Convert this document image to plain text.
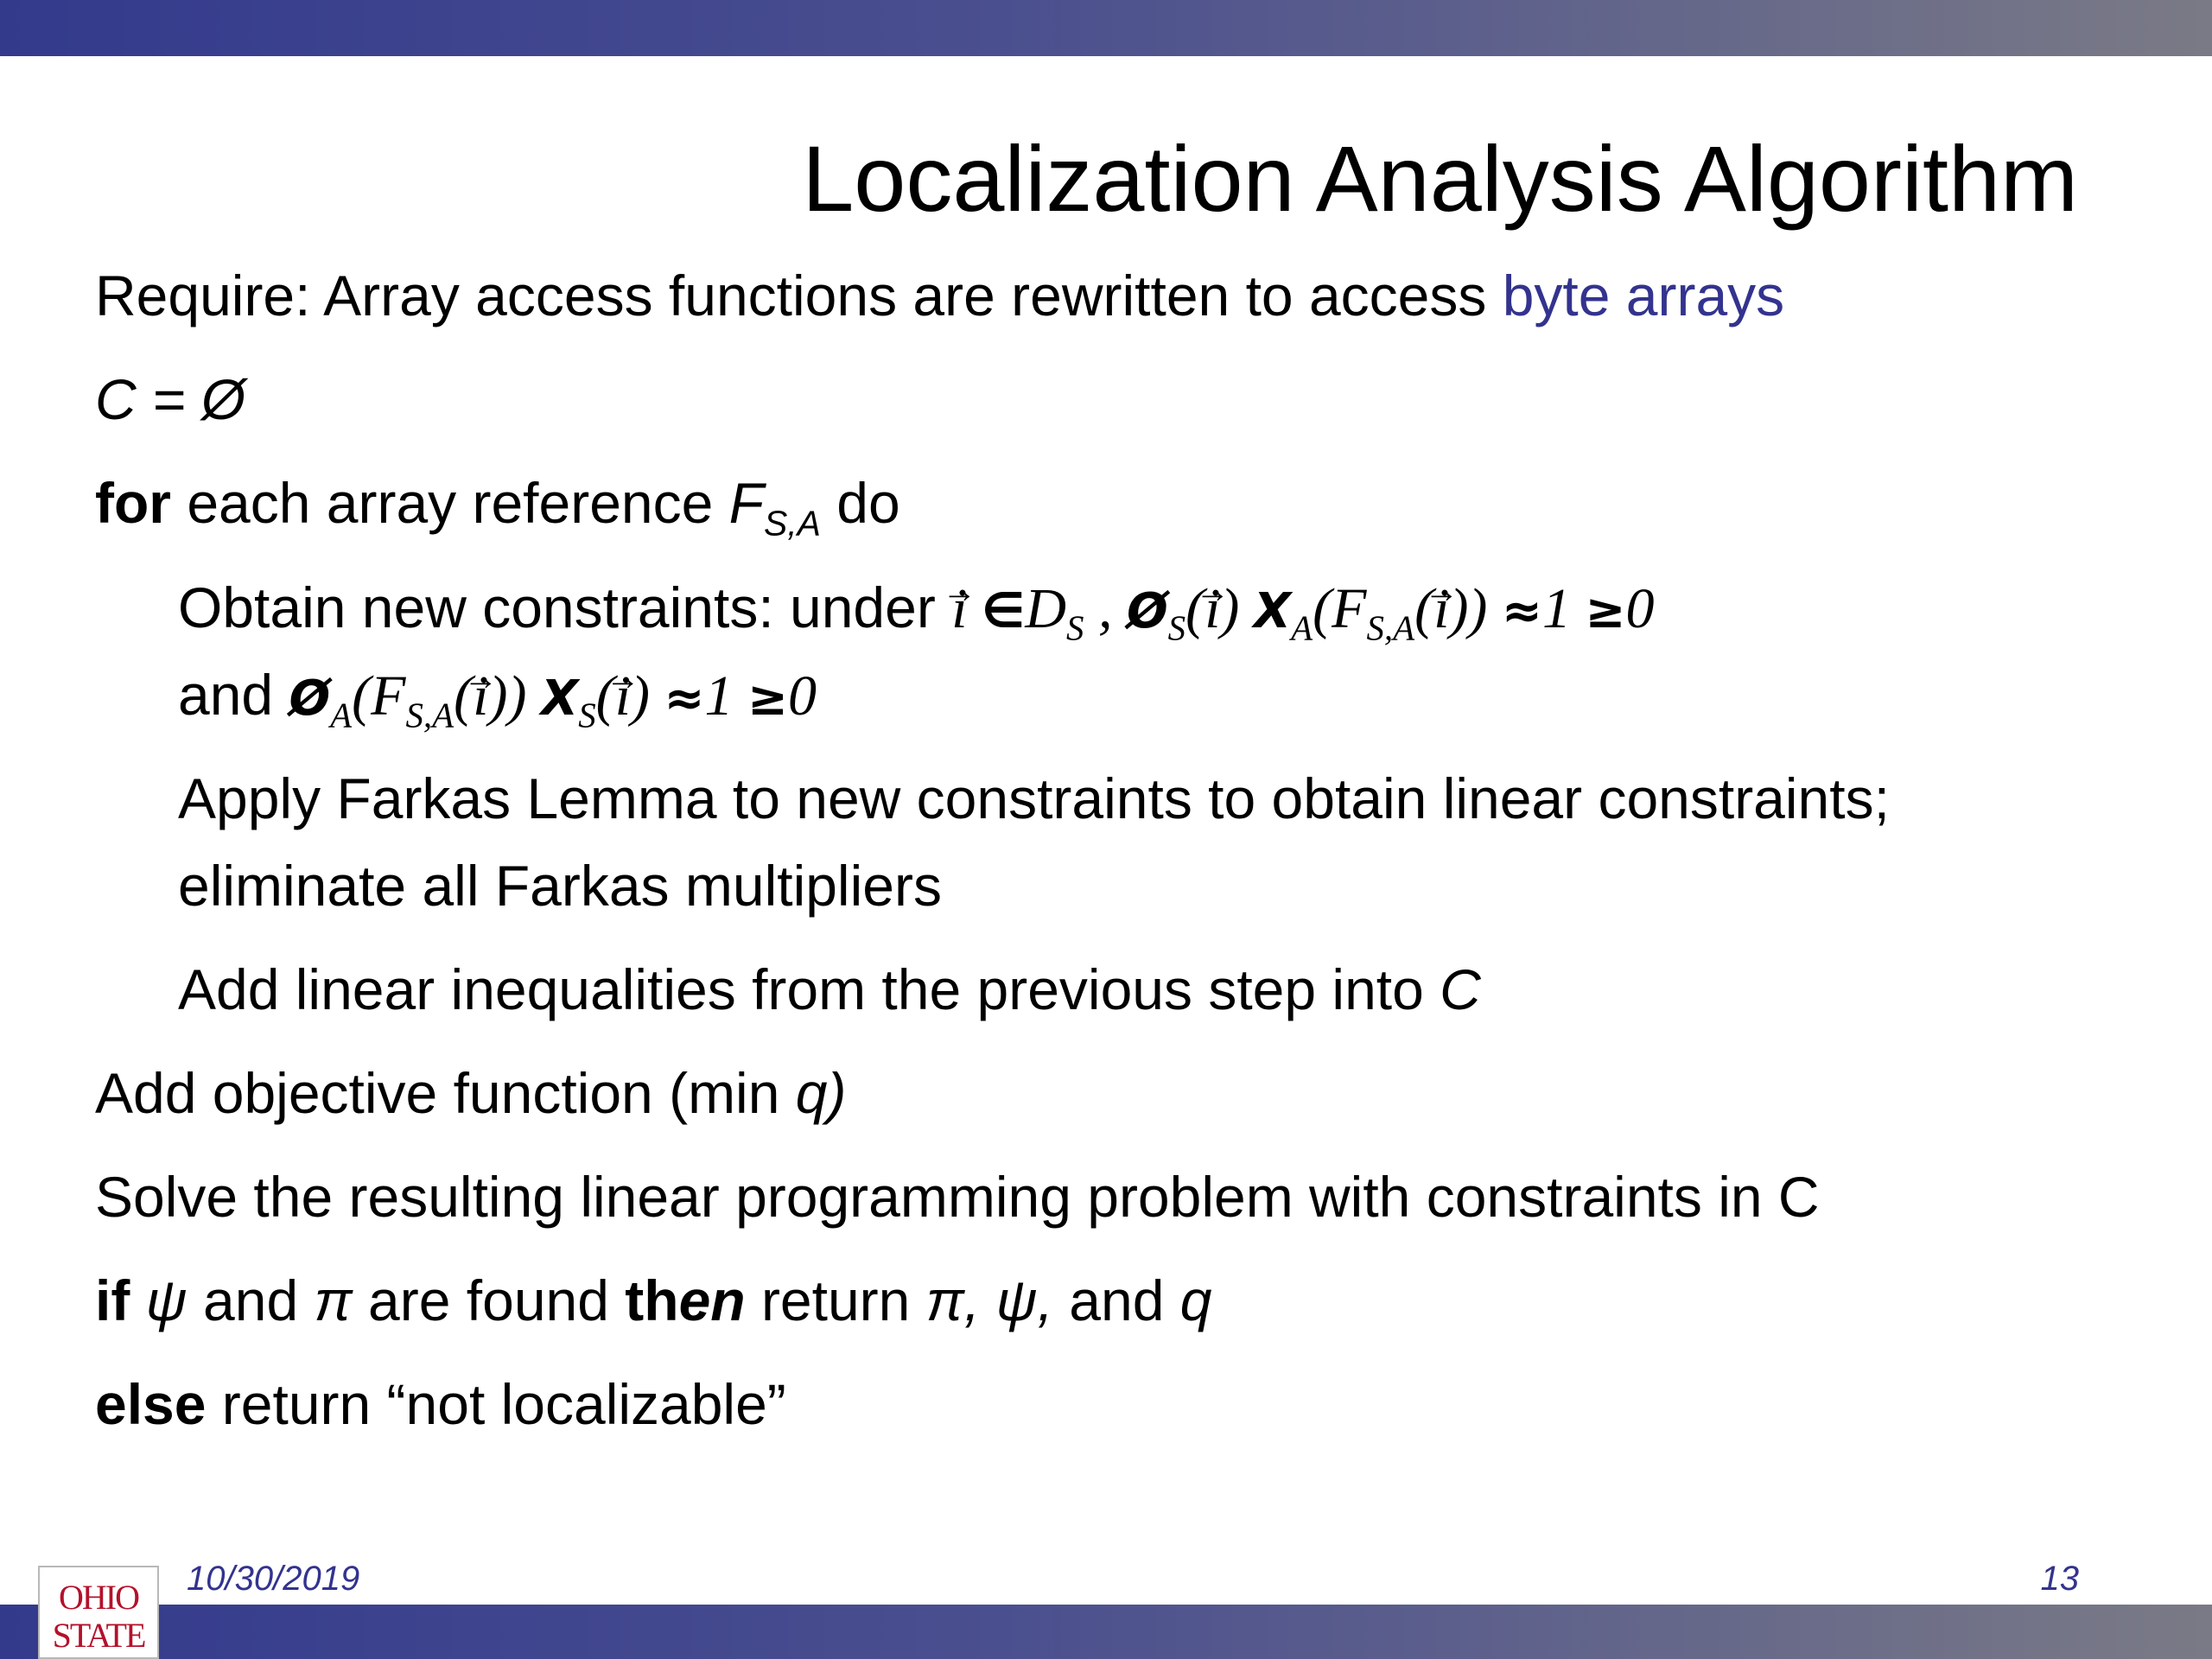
Localization Analysis Algorithm
Require: Array access functions are rewritten to access byte arrays
C = Ø
for each array reference $F_{S,A}$ do
Obtain new constraints: under → i $\in D_S$ , $Ø_S(\to i)$ $X_A(F_{S,A}(\to i)) \approx 1 \ge 0$
and $Ø_A(F_{S,A}(\to i))$ $X_S(\to i) \approx 1 \ge 0$
Apply Farkas Lemma to new constraints to obtain linear constraints;
eliminate all Farkas multipliers
Add linear inequalities from the previous step into C
Add objective function (min q)
Solve the resulting linear programming problem with constraints in C
if ψ and π are found then return π, ψ, and q
else return “not localizable”
OHIO
STATE
10/30/2019	13
